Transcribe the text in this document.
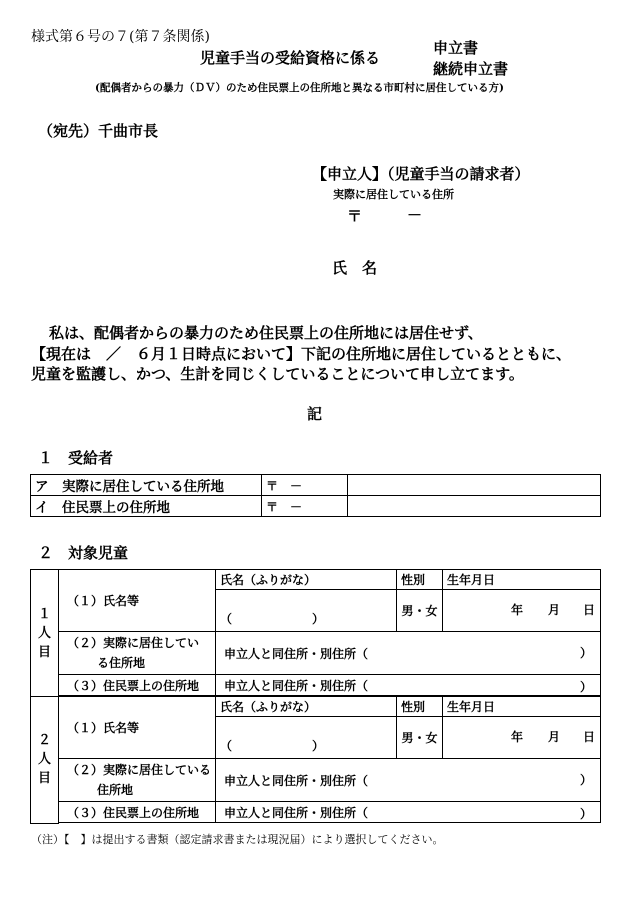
様式第６号の７(第７条関係)
児童手当の受給資格に係る
申立書
継続申立書
(配偶者からの暴力（ＤＶ）のため住民票上の住所地と異なる市町村に居住している方)
（宛先）千曲市長
【申立人】（児童手当の請求者）
実際に居住している住所
〒	－
氏　名
私は、配偶者からの暴力のため住民票上の住所地には居住せず、
【現在は　／　６月１日時点において】下記の住所地に居住しているとともに、
児童を監護し、かつ、生計を同じくしていることについて申し立てます。
記
１　受給者
ア　実際に居住している住所地	〒　－	
イ　住民票上の住所地	〒　－	
２　対象児童
１
人
目	（１）氏名等	氏名（ふりがな）	性別	生年月日
		（ ）	男・女	年 月 日

	（２）実際に居住してい
る住所地	申立人と同住所・別住所（ ）		

	（３）住民票上の住所地	申立人と同住所・別住所（ ）		

２
人
目	（１）氏名等	氏名（ふりがな）	性別	生年月日
		（ ）	男・女	年 月 日

	（２）実際に居住している
住所地	申立人と同住所・別住所（ ）		

	（３）住民票上の住所地	申立人と同住所・別住所（ ）		

（注）【　】は提出する書類（認定請求書または現況届）により選択してください。
